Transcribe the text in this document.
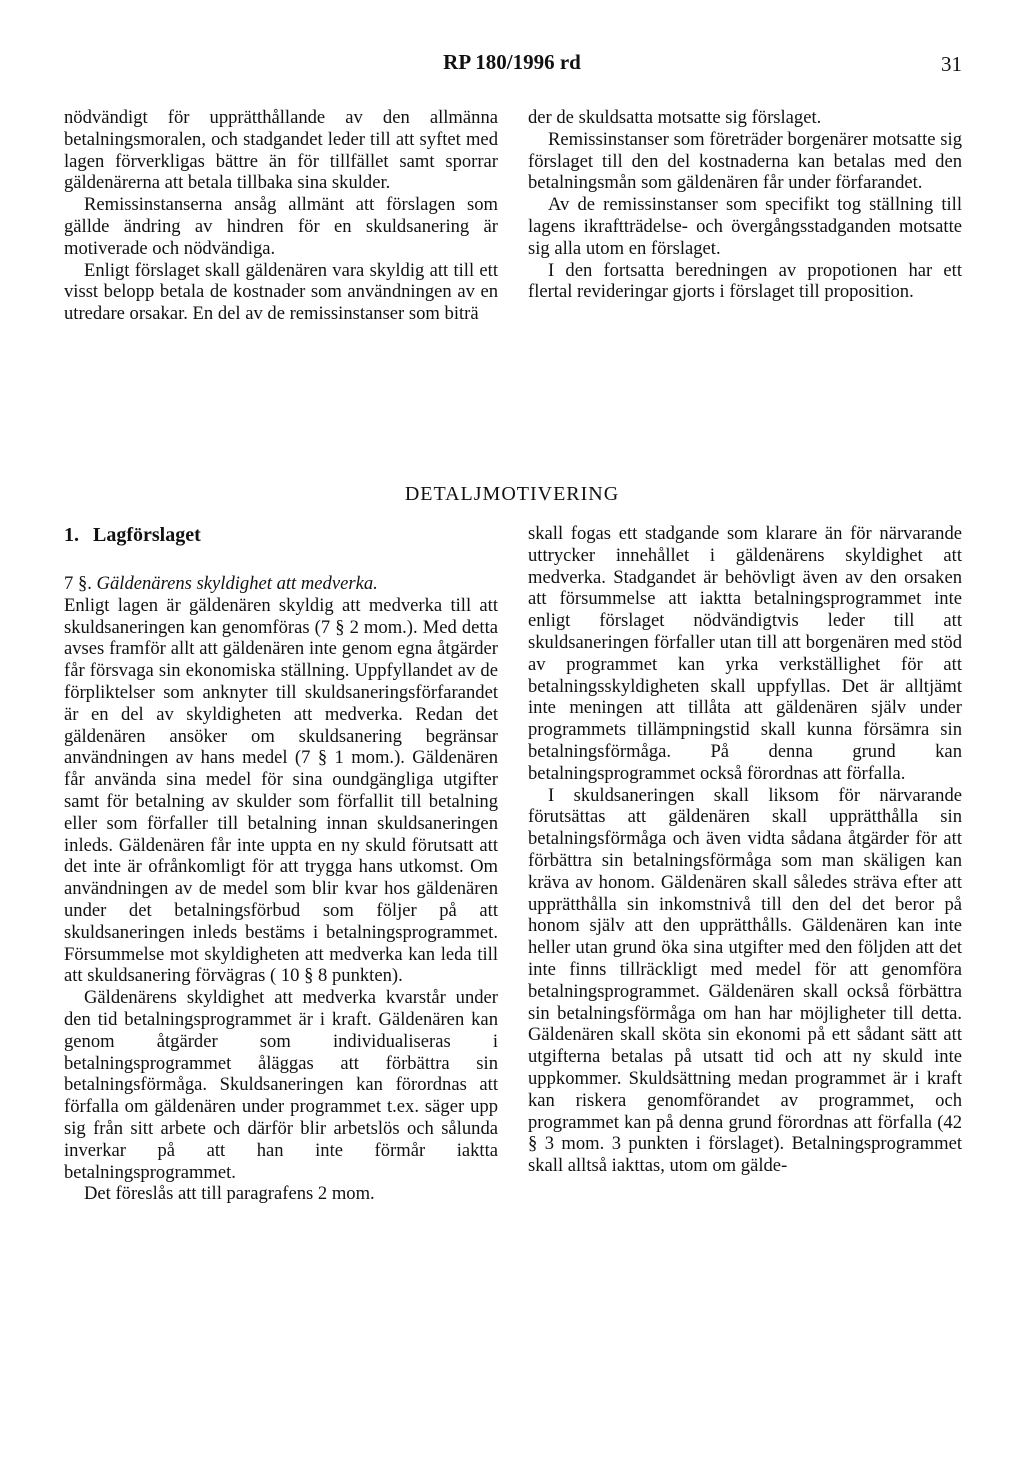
RP 180/1996 rd	31

nödvändigt för upprätthållande av den allmänna betalningsmoralen, och stadgandet leder till att syftet med lagen förverkligas bättre än för tillfället samt sporrar gäldenärerna att betala tillbaka sina skulder.

Remissinstanserna ansåg allmänt att förslagen som gällde ändring av hindren för en skuldsanering är motiverade och nödvändiga.

Enligt förslaget skall gäldenären vara skyldig att till ett visst belopp betala de kostnader som användningen av en utredare orsakar. En del av de remissinstanser som biträ

der de skuldsatta motsatte sig förslaget.

Remissinstanser som företräder borgenärer motsatte sig förslaget till den del kostnaderna kan betalas med den betalningsmån som gäldenären får under förfarandet.

Av de remissinstanser som specifikt tog ställning till lagens ikraftträdelse- och övergångsstadganden motsatte sig alla utom en förslaget.

I den fortsatta beredningen av propotionen har ett flertal revideringar gjorts i förslaget till proposition.

DETALJMOTIVERING
1. Lagförslaget

7 §. Gäldenärens skyldighet att medverka.

Enligt lagen är gäldenären skyldig att medverka till att skuldsaneringen kan genomföras (7 § 2 mom.). Med detta avses framför allt att gäldenären inte genom egna åtgärder får försvaga sin ekonomiska ställning. Uppfyllandet av de förpliktelser som anknyter till skuldsaneringsförfarandet är en del av skyldigheten att medverka. Redan det gäldenären ansöker om skuldsanering begränsar användningen av hans medel (7 § 1 mom.). Gäldenären får använda sina medel för sina oundgängliga utgifter samt för betalning av skulder som förfallit till betalning eller som förfaller till betalning innan skuldsaneringen inleds. Gäldenären får inte uppta en ny skuld förutsatt att det inte är ofrånkomligt för att trygga hans utkomst. Om användningen av de medel som blir kvar hos gäldenären under det betalningsförbud som följer på att skuldsaneringen inleds bestäms i betalningsprogrammet. Försummelse mot skyldigheten att medverka kan leda till att skuldsanering förvägras ( 10 § 8 punkten).

Gäldenärens skyldighet att medverka kvarstår under den tid betalningsprogrammet är i kraft. Gäldenären kan genom åtgärder som individualiseras i betalningsprogrammet åläggas att förbättra sin betalningsförmåga. Skuldsaneringen kan förordnas att förfalla om gäldenären under programmet t.ex. säger upp sig från sitt arbete och därför blir arbetslös och sålunda inverkar på att han inte förmår iaktta betalningsprogrammet.

Det föreslås att till paragrafens 2 mom.

skall fogas ett stadgande som klarare än för närvarande uttrycker innehållet i gäldenärens skyldighet att medverka. Stadgandet är behövligt även av den orsaken att försummelse att iaktta betalningsprogrammet inte enligt förslaget nödvändigtvis leder till att skuldsaneringen förfaller utan till att borgenären med stöd av programmet kan yrka verkställighet för att betalningsskyldigheten skall uppfyllas. Det är alltjämt inte meningen att tillåta att gäldenären själv under programmets tillämpningstid skall kunna försämra sin betalningsförmåga. På denna grund kan betalningsprogrammet också förordnas att förfalla.

I skuldsaneringen skall liksom för närvarande förutsättas att gäldenären skall upprätthålla sin betalningsförmåga och även vidta sådana åtgärder för att förbättra sin betalningsförmåga som man skäligen kan kräva av honom. Gäldenären skall således sträva efter att upprätthålla sin inkomstnivå till den del det beror på honom själv att den upprätthålls. Gäldenären kan inte heller utan grund öka sina utgifter med den följden att det inte finns tillräckligt med medel för att genomföra betalningsprogrammet. Gäldenären skall också förbättra sin betalningsförmåga om han har möjligheter till detta. Gäldenären skall sköta sin ekonomi på ett sådant sätt att utgifterna betalas på utsatt tid och att ny skuld inte uppkommer. Skuldsättning medan programmet är i kraft kan riskera genomförandet av programmet, och programmet kan på denna grund förordnas att förfalla (42 § 3 mom. 3 punkten i förslaget). Betalningsprogrammet skall alltså iakttas, utom om gälde-
